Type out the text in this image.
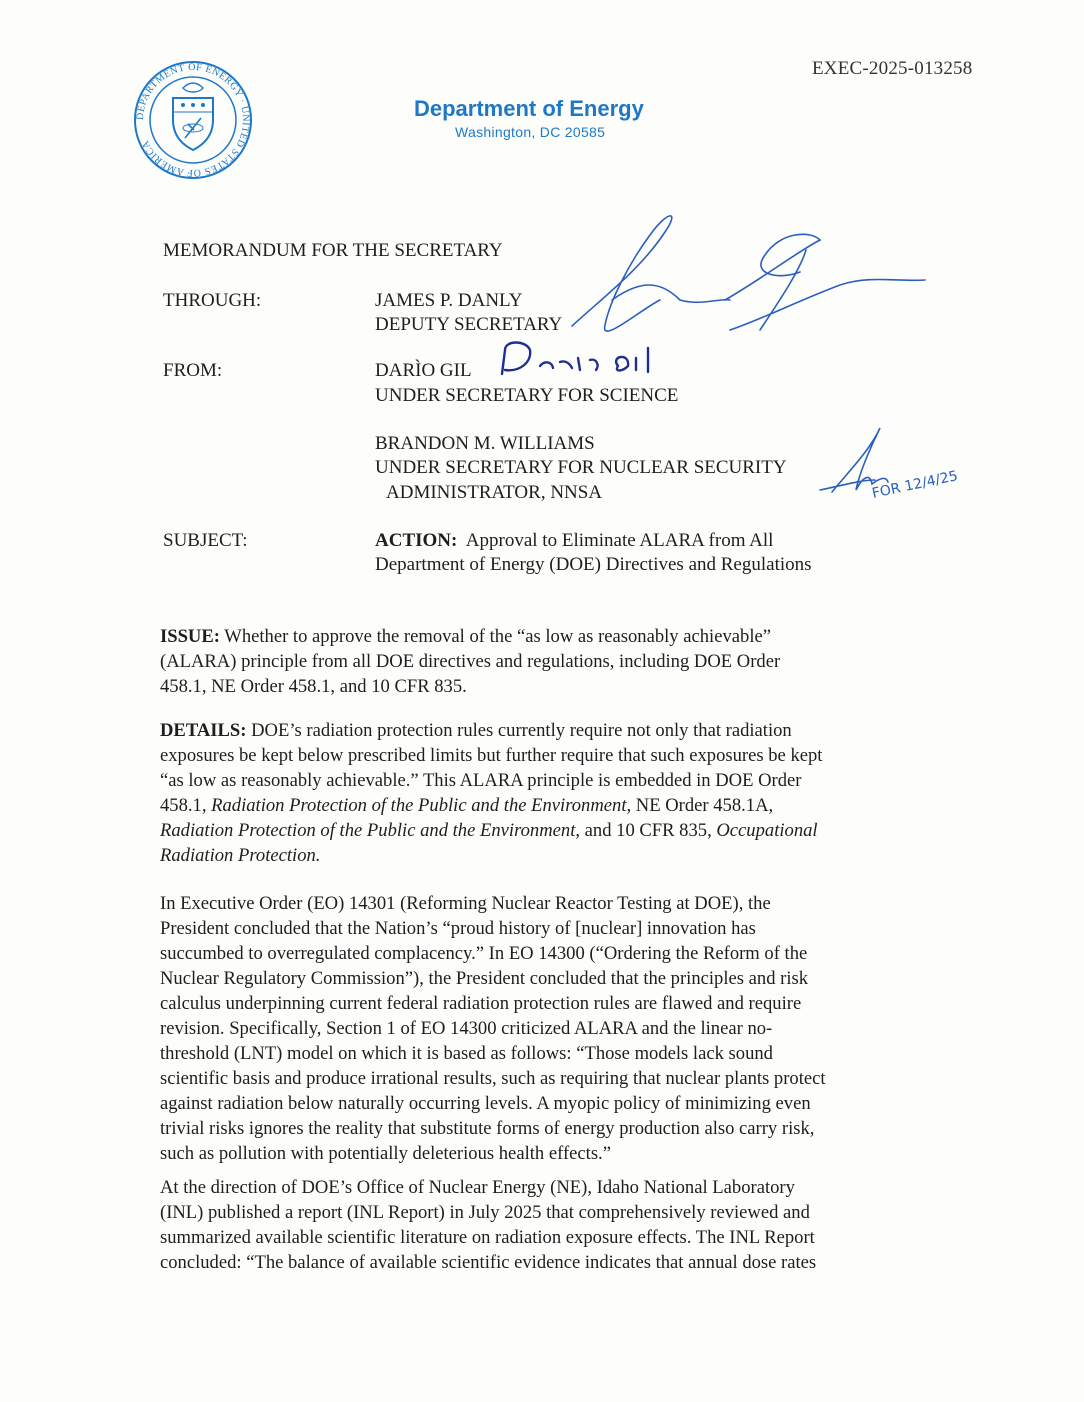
EXEC-2025-013258
DEPARTMENT OF ENERGY · UNITED STATES OF AMERICA
Department of Energy
Washington, DC 20585
MEMORANDUM FOR THE SECRETARY
THROUGH:	JAMES P. DANLY
DEPUTY SECRETARY
FROM:	DARÌO GIL
UNDER SECRETARY FOR SCIENCE
BRANDON M. WILLIAMS
UNDER SECRETARY FOR NUCLEAR SECURITY
ADMINISTRATOR, NNSA
SUBJECT:	ACTION: Approval to Eliminate ALARA from All
Department of Energy (DOE) Directives and Regulations
ISSUE: Whether to approve the removal of the “as low as reasonably achievable”
(ALARA) principle from all DOE directives and regulations, including DOE Order
458.1, NE Order 458.1, and 10 CFR 835.
DETAILS: DOE’s radiation protection rules currently require not only that radiation
exposures be kept below prescribed limits but further require that such exposures be kept
“as low as reasonably achievable.” This ALARA principle is embedded in DOE Order
458.1, Radiation Protection of the Public and the Environment, NE Order 458.1A,
Radiation Protection of the Public and the Environment, and 10 CFR 835, Occupational
Radiation Protection.
In Executive Order (EO) 14301 (Reforming Nuclear Reactor Testing at DOE), the
President concluded that the Nation’s “proud history of [nuclear] innovation has
succumbed to overregulated complacency.” In EO 14300 (“Ordering the Reform of the
Nuclear Regulatory Commission”), the President concluded that the principles and risk
calculus underpinning current federal radiation protection rules are flawed and require
revision. Specifically, Section 1 of EO 14300 criticized ALARA and the linear no-
threshold (LNT) model on which it is based as follows: “Those models lack sound
scientific basis and produce irrational results, such as requiring that nuclear plants protect
against radiation below naturally occurring levels. A myopic policy of minimizing even
trivial risks ignores the reality that substitute forms of energy production also carry risk,
such as pollution with potentially deleterious health effects.”
At the direction of DOE’s Office of Nuclear Energy (NE), Idaho National Laboratory
(INL) published a report (INL Report) in July 2025 that comprehensively reviewed and
summarized available scientific literature on radiation exposure effects. The INL Report
concluded: “The balance of available scientific evidence indicates that annual dose rates
FOR 12/4/25
